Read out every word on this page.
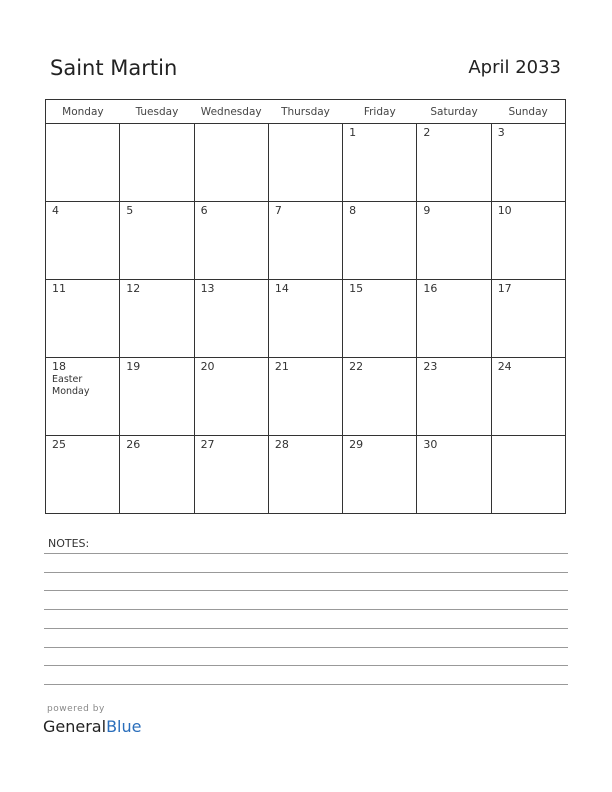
Saint Martin	April 2033
Monday	Tuesday	Wednesday	Thursday	Friday	Saturday	Sunday

				1	2	3

4	5	6	7	8	9	10

11	12	13	14	15	16	17

18
Easter Monday	19	20	21	22	23	24

25	26	27	28	29	30	

NOTES:
powered by
GeneralBlue
